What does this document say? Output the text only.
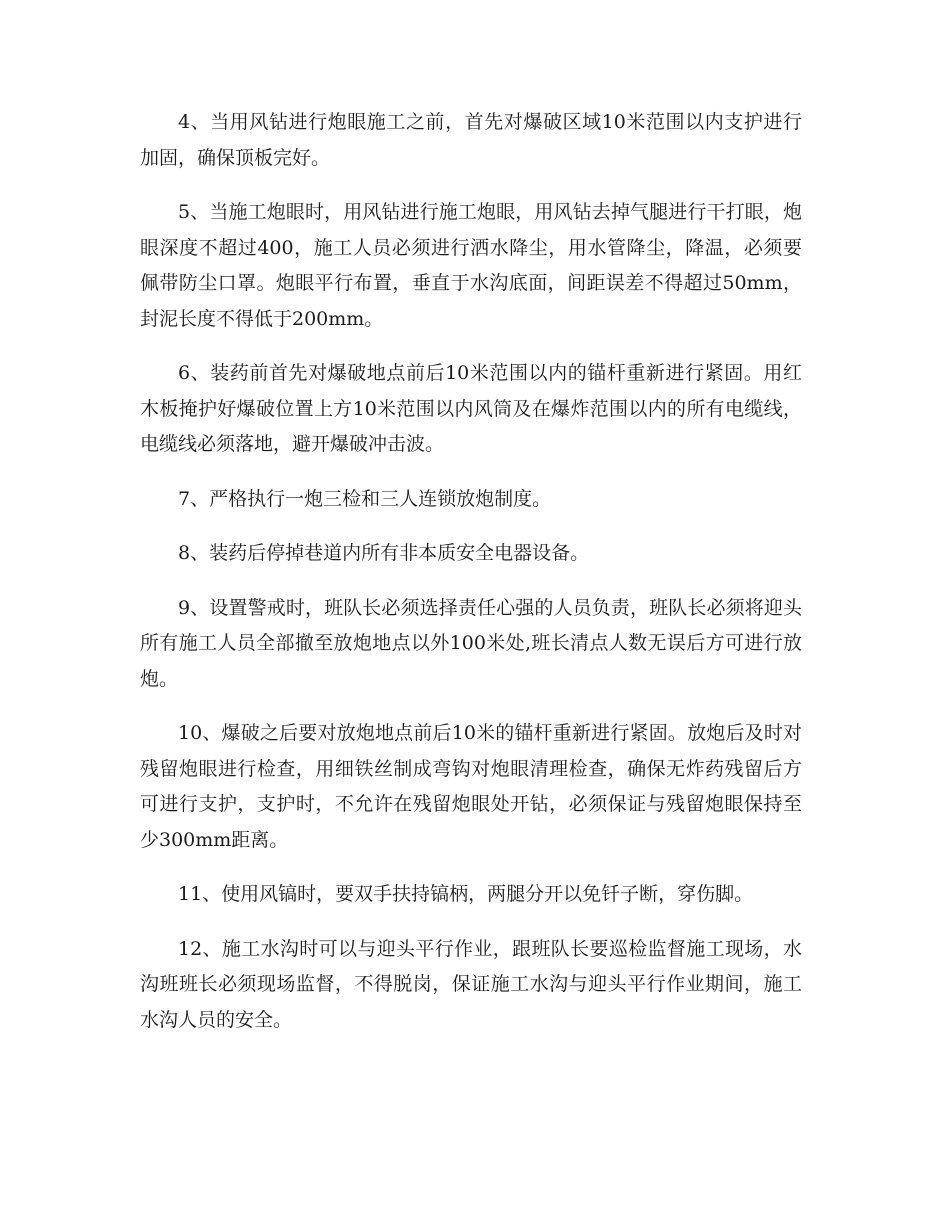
4、当用风钻进行炮眼施工之前，首先对爆破区域10米范围以内支护进行加固，确保顶板完好。

5、当施工炮眼时，用风钻进行施工炮眼，用风钻去掉气腿进行干打眼，炮眼深度不超过400，施工人员必须进行洒水降尘，用水管降尘，降温，必须要佩带防尘口罩。炮眼平行布置，垂直于水沟底面，间距误差不得超过50mm，封泥长度不得低于200mm。

6、装药前首先对爆破地点前后10米范围以内的锚杆重新进行紧固。用红木板掩护好爆破位置上方10米范围以内风筒及在爆炸范围以内的所有电缆线，电缆线必须落地，避开爆破冲击波。

7、严格执行一炮三检和三人连锁放炮制度。

8、装药后停掉巷道内所有非本质安全电器设备。

9、设置警戒时，班队长必须选择责任心强的人员负责，班队长必须将迎头所有施工人员全部撤至放炮地点以外100米处,班长清点人数无误后方可进行放炮。

10、爆破之后要对放炮地点前后10米的锚杆重新进行紧固。放炮后及时对残留炮眼进行检查，用细铁丝制成弯钩对炮眼清理检查，确保无炸药残留后方可进行支护，支护时，不允许在残留炮眼处开钻，必须保证与残留炮眼保持至少300mm距离。

11、使用风镐时，要双手扶持镐柄，两腿分开以免钎子断，穿伤脚。

12、施工水沟时可以与迎头平行作业，跟班队长要巡检监督施工现场，水沟班班长必须现场监督，不得脱岗，保证施工水沟与迎头平行作业期间，施工水沟人员的安全。
